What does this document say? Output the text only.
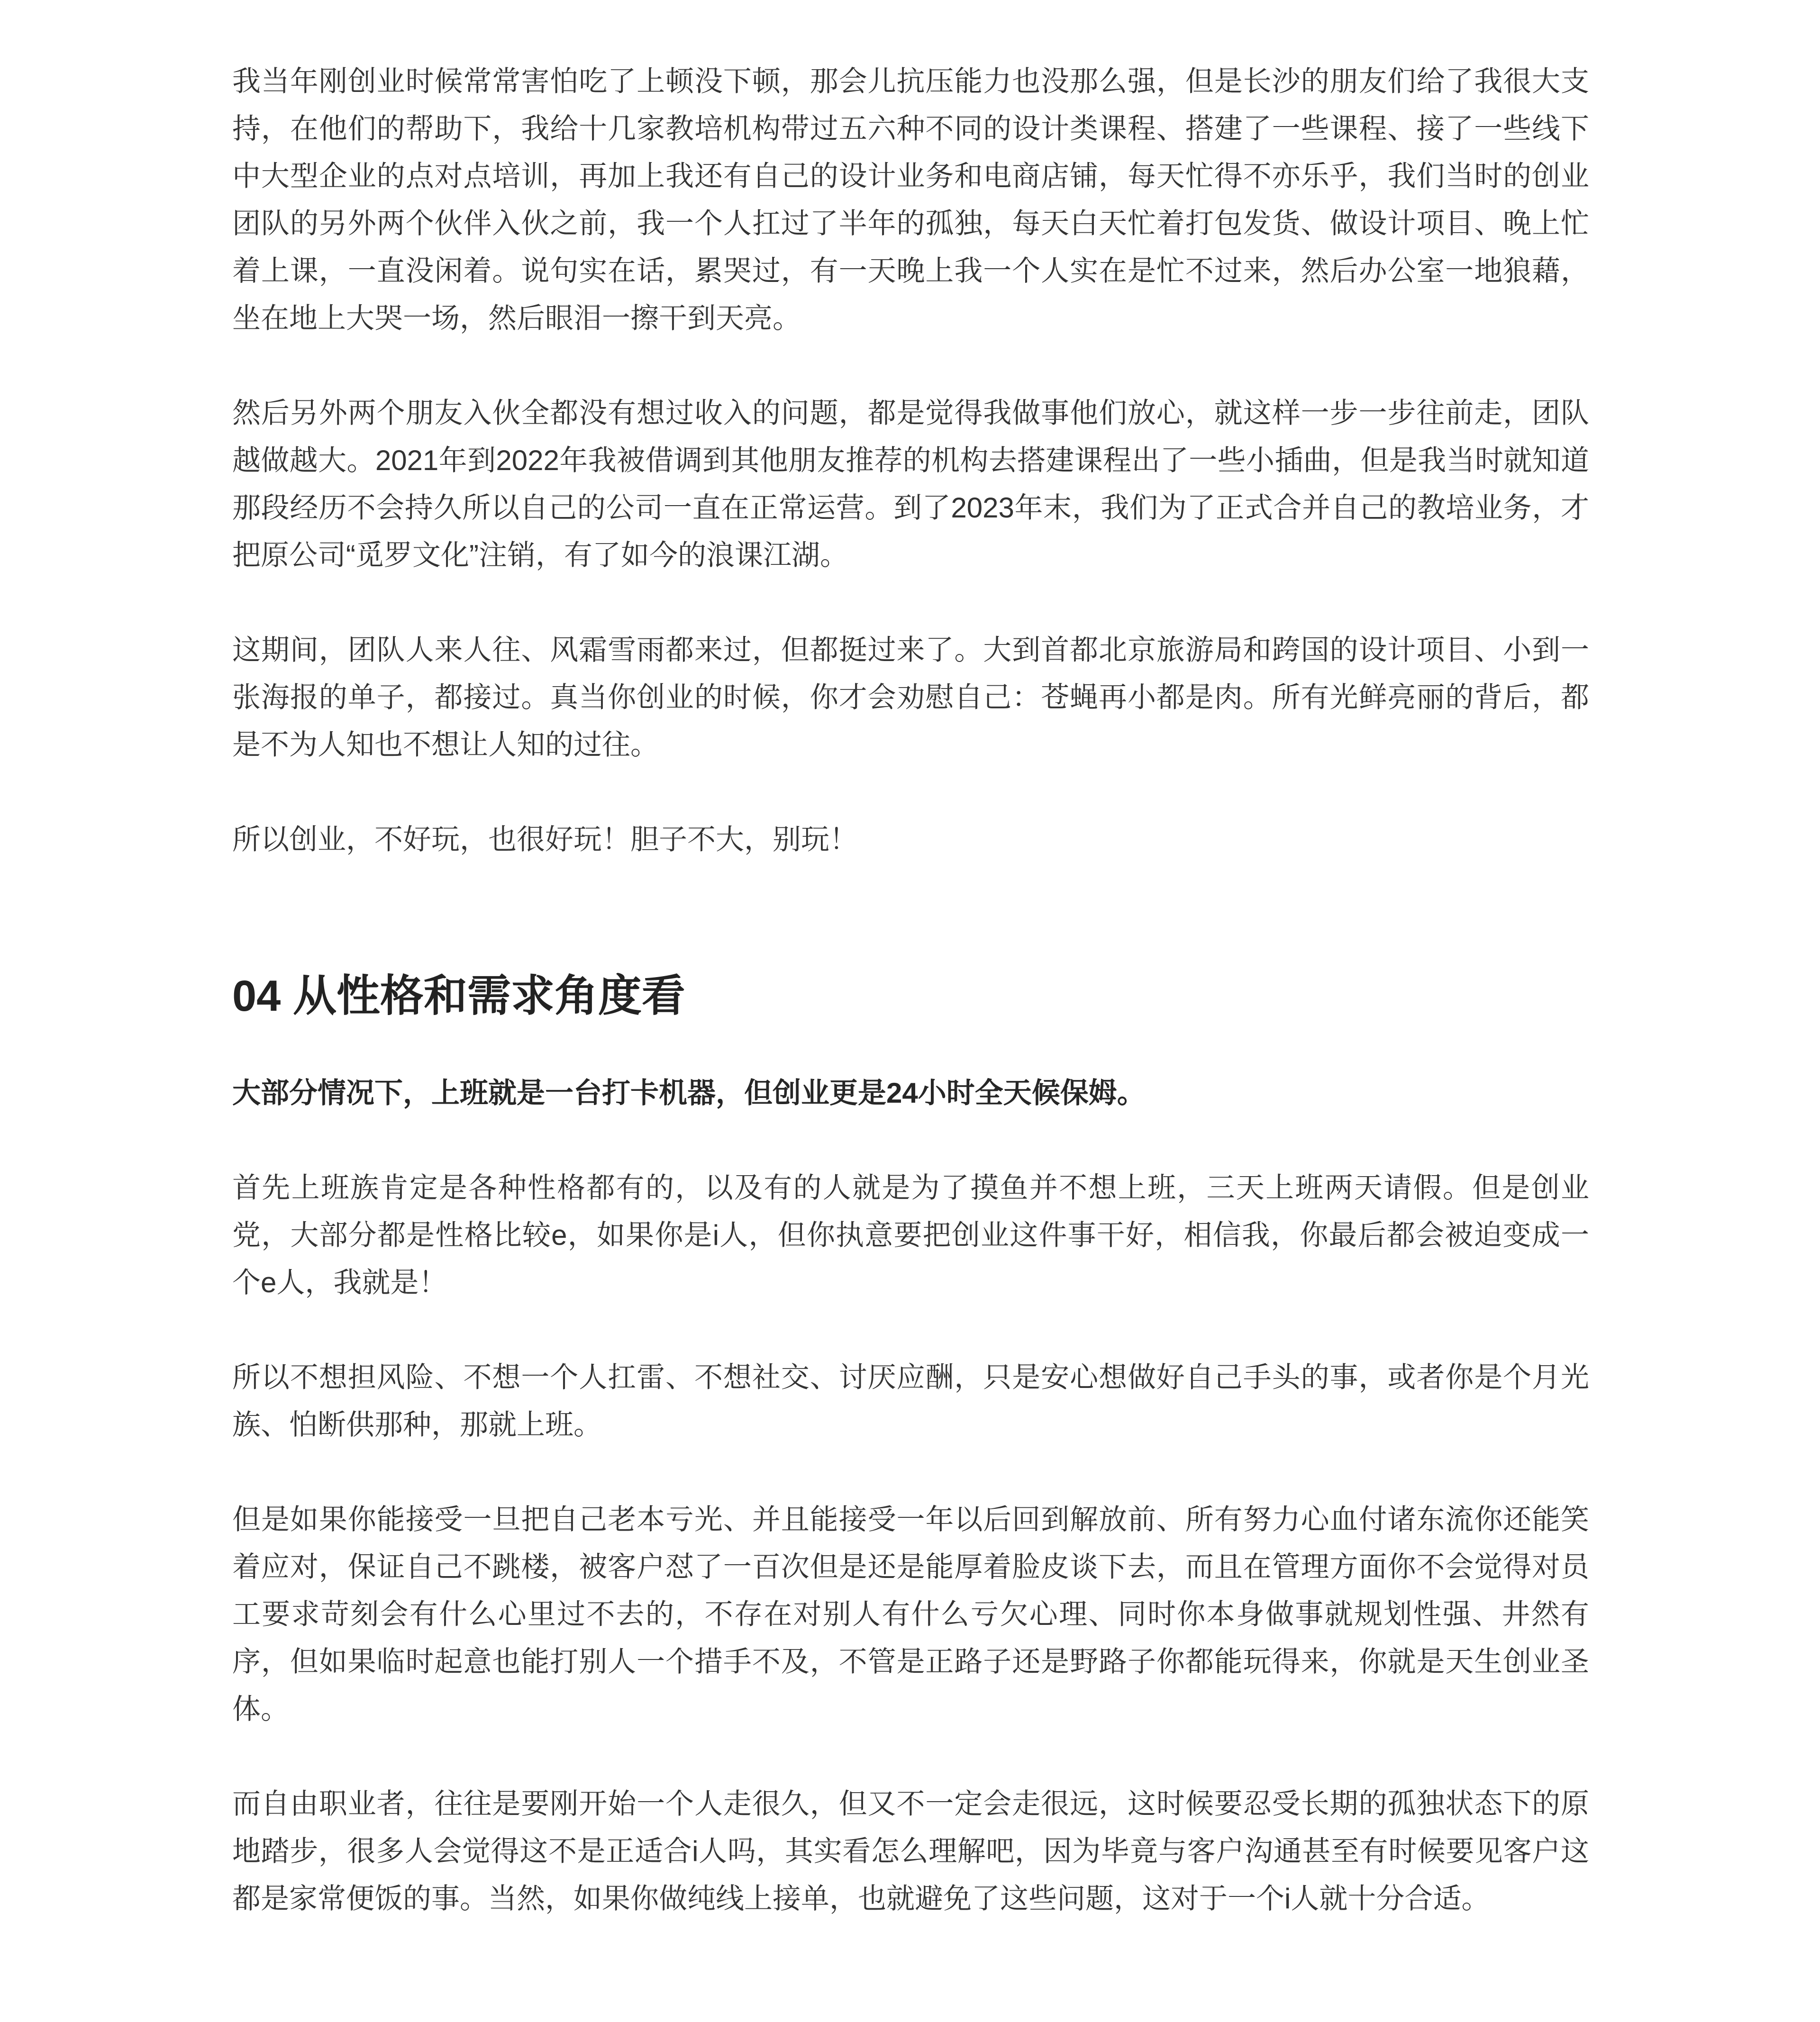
我当年刚创业时候常常害怕吃了上顿没下顿，那会儿抗压能力也没那么强，但是长沙的朋友们给了我很大支持，在他们的帮助下，我给十几家教培机构带过五六种不同的设计类课程、搭建了一些课程、接了一些线下中大型企业的点对点培训，再加上我还有自己的设计业务和电商店铺，每天忙得不亦乐乎，我们当时的创业团队的另外两个伙伴入伙之前，我一个人扛过了半年的孤独，每天白天忙着打包发货、做设计项目、晚上忙着上课，一直没闲着。说句实在话，累哭过，有一天晚上我一个人实在是忙不过来，然后办公室一地狼藉，坐在地上大哭一场，然后眼泪一擦干到天亮。

然后另外两个朋友入伙全都没有想过收入的问题，都是觉得我做事他们放心，就这样一步一步往前走，团队越做越大。2021年到2022年我被借调到其他朋友推荐的机构去搭建课程出了一些小插曲，但是我当时就知道那段经历不会持久所以自己的公司一直在正常运营。到了2023年末，我们为了正式合并自己的教培业务，才把原公司“觅罗文化”注销，有了如今的浪课江湖。

这期间，团队人来人往、风霜雪雨都来过，但都挺过来了。大到首都北京旅游局和跨国的设计项目、小到一张海报的单子，都接过。真当你创业的时候，你才会劝慰自己：苍蝇再小都是肉。所有光鲜亮丽的背后，都是不为人知也不想让人知的过往。

所以创业，不好玩，也很好玩！胆子不大，别玩！

04 从性格和需求角度看

大部分情况下，上班就是一台打卡机器，但创业更是24小时全天候保姆。

首先上班族肯定是各种性格都有的，以及有的人就是为了摸鱼并不想上班，三天上班两天请假。但是创业党，大部分都是性格比较e，如果你是i人，但你执意要把创业这件事干好，相信我，你最后都会被迫变成一个e人，我就是！

所以不想担风险、不想一个人扛雷、不想社交、讨厌应酬，只是安心想做好自己手头的事，或者你是个月光族、怕断供那种，那就上班。

但是如果你能接受一旦把自己老本亏光、并且能接受一年以后回到解放前、所有努力心血付诸东流你还能笑着应对，保证自己不跳楼，被客户怼了一百次但是还是能厚着脸皮谈下去，而且在管理方面你不会觉得对员工要求苛刻会有什么心里过不去的，不存在对别人有什么亏欠心理、同时你本身做事就规划性强、井然有序，但如果临时起意也能打别人一个措手不及，不管是正路子还是野路子你都能玩得来，你就是天生创业圣体。

而自由职业者，往往是要刚开始一个人走很久，但又不一定会走很远，这时候要忍受长期的孤独状态下的原地踏步，很多人会觉得这不是正适合i人吗，其实看怎么理解吧，因为毕竟与客户沟通甚至有时候要见客户这都是家常便饭的事。当然，如果你做纯线上接单，也就避免了这些问题，这对于一个i人就十分合适。
